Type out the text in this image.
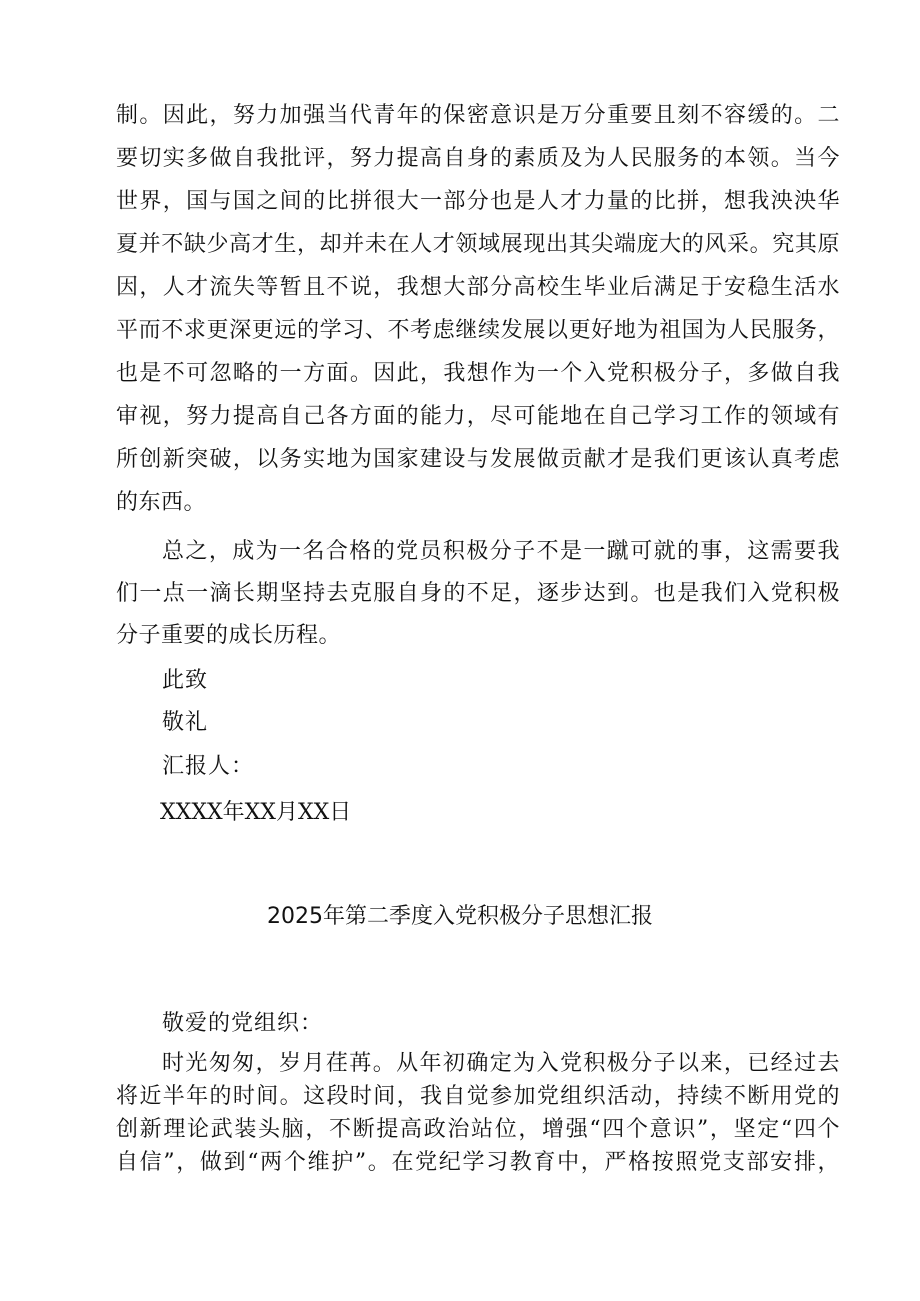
制。因此，努力加强当代青年的保密意识是万分重要且刻不容缓的。二
要切实多做自我批评，努力提高自身的素质及为人民服务的本领。当今
世界，国与国之间的比拼很大一部分也是人才力量的比拼，想我泱泱华
夏并不缺少高才生，却并未在人才领域展现出其尖端庞大的风采。究其原
因，人才流失等暂且不说，我想大部分高校生毕业后满足于安稳生活水
平而不求更深更远的学习、不考虑继续发展以更好地为祖国为人民服务，
也是不可忽略的一方面。因此，我想作为一个入党积极分子，多做自我
审视，努力提高自己各方面的能力，尽可能地在自己学习工作的领域有
所创新突破，以务实地为国家建设与发展做贡献才是我们更该认真考虑
的东西。
总之，成为一名合格的党员积极分子不是一蹴可就的事，这需要我
们一点一滴长期坚持去克服自身的不足，逐步达到。也是我们入党积极
分子重要的成长历程。
此致
敬礼
汇报人：
XXXX年XX月XX日
2025年第二季度入党积极分子思想汇报
敬爱的党组织：
时光匆匆，岁月荏苒。从年初确定为入党积极分子以来，已经过去
将近半年的时间。这段时间，我自觉参加党组织活动，持续不断用党的
创新理论武装头脑，不断提高政治站位，增强“四个意识”，坚定“四个
自信”，做到“两个维护”。在党纪学习教育中，严格按照党支部安排，
